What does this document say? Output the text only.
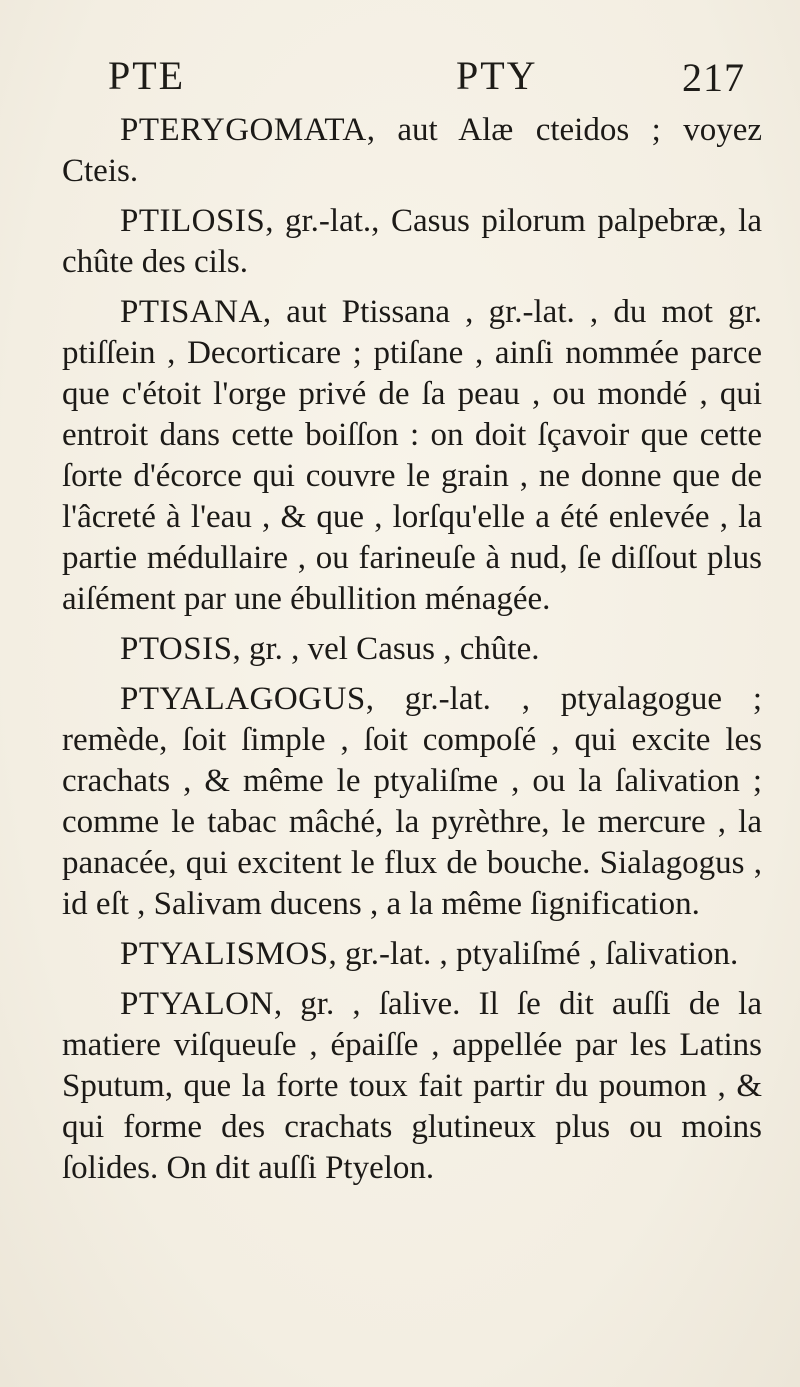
PTE	PTY	217

PTERYGOMATA, aut Alæ cteidos ; voyez Cteis.

PTILOSIS, gr.-lat., Casus pilorum palpebræ, la chûte des cils.

PTISANA, aut Ptissana , gr.-lat. , du mot gr. ptiſſein , Decorticare ; ptiſane , ainſi nommée parce que c'étoit l'orge privé de ſa peau , ou mondé , qui entroit dans cette boiſſon : on doit ſçavoir que cette ſorte d'écorce qui couvre le grain , ne donne que de l'âcreté à l'eau , & que , lorſqu'elle a été enlevée , la partie médullaire , ou farineuſe à nud, ſe diſſout plus aiſément par une ébullition ménagée.

PTOSIS, gr. , vel Casus , chûte.

PTYALAGOGUS, gr.-lat. , ptyalagogue ; remède, ſoit ſimple , ſoit compoſé , qui excite les crachats , & même le ptyaliſme , ou la ſalivation ; comme le tabac mâché, la pyrèthre, le mercure , la panacée, qui excitent le flux de bouche. Sialagogus , id eſt , Salivam ducens , a la même ſignification.

PTYALISMOS, gr.-lat. , ptyaliſmé , ſalivation.

PTYALON, gr. , ſalive. Il ſe dit auſſi de la matiere viſqueuſe , épaiſſe , appellée par les Latins Sputum, que la forte toux fait partir du poumon , & qui forme des crachats glutineux plus ou moins ſolides. On dit auſſi Ptyelon.
